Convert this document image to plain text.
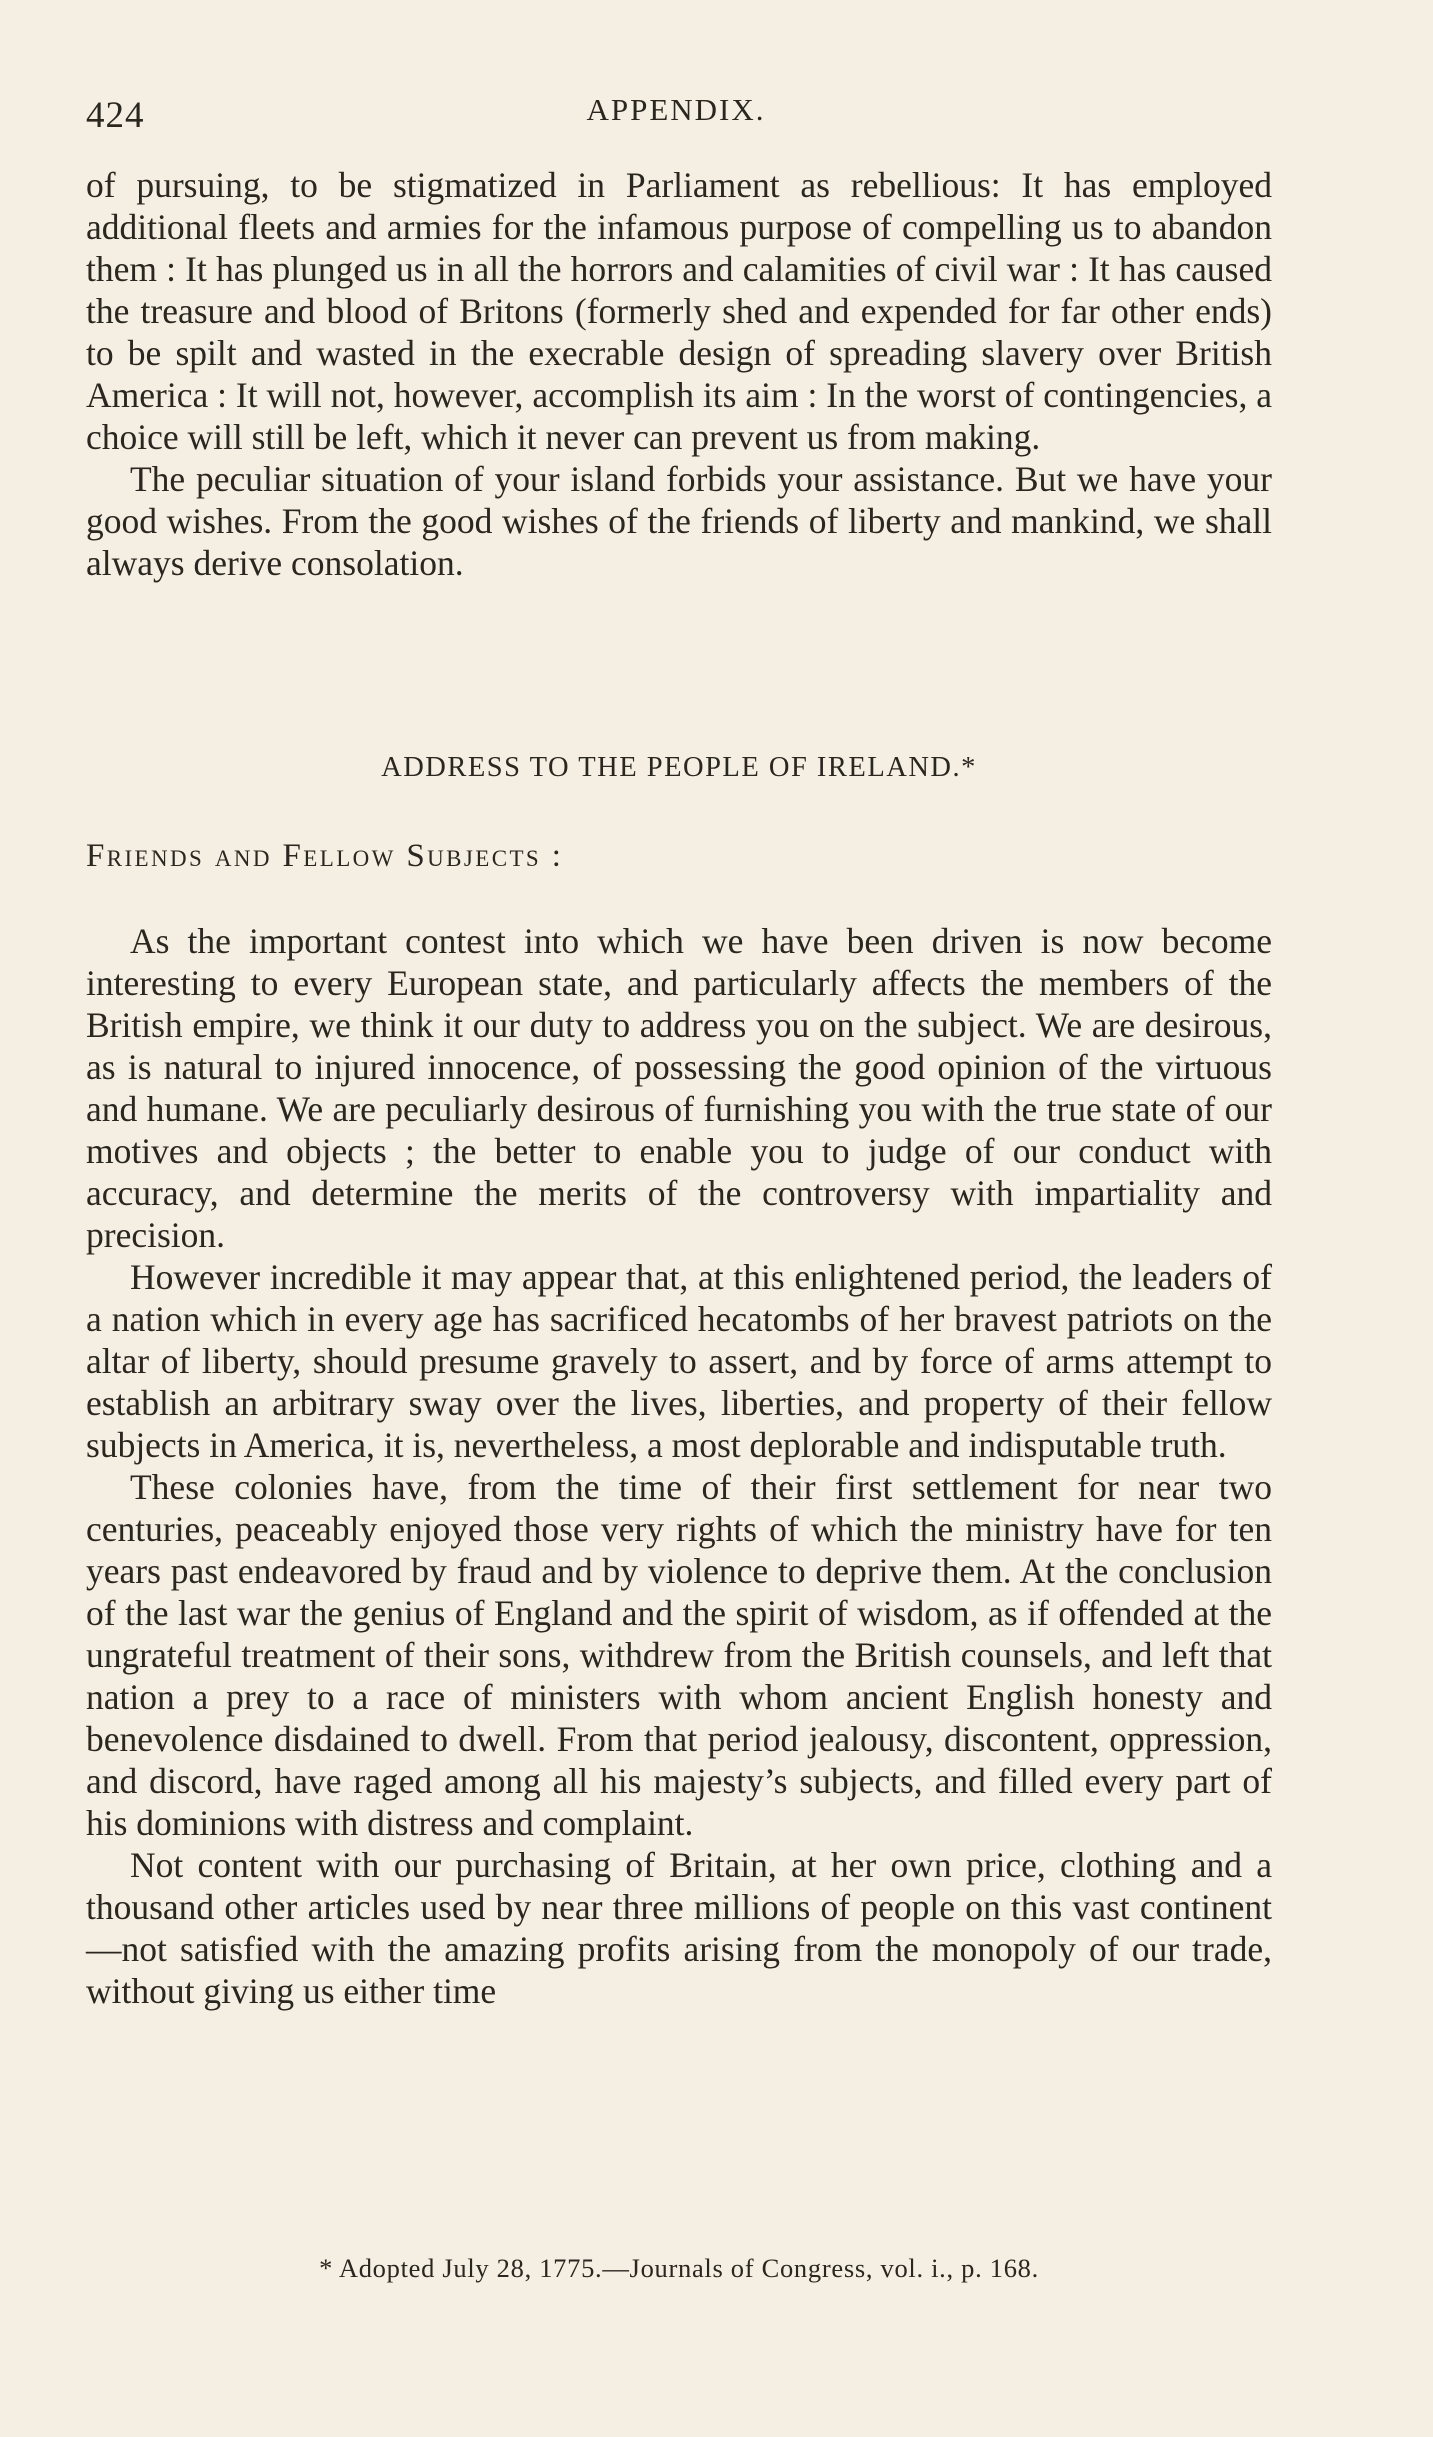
424	APPENDIX.

of pursuing, to be stigmatized in Parliament as rebellious: It has employed additional fleets and armies for the infamous purpose of compelling us to abandon them : It has plunged us in all the horrors and calamities of civil war : It has caused the treasure and blood of Britons (formerly shed and expended for far other ends) to be spilt and wasted in the execrable design of spreading slavery over British America : It will not, however, accomplish its aim : In the worst of contingencies, a choice will still be left, which it never can prevent us from making.

The peculiar situation of your island forbids your assistance. But we have your good wishes. From the good wishes of the friends of liberty and mankind, we shall always derive consolation.

ADDRESS TO THE PEOPLE OF IRELAND.*
Friends and Fellow Subjects :

As the important contest into which we have been driven is now become interesting to every European state, and particularly affects the members of the British empire, we think it our duty to address you on the subject. We are desirous, as is natural to injured innocence, of possessing the good opinion of the virtuous and humane. We are peculiarly desirous of furnishing you with the true state of our motives and objects ; the better to enable you to judge of our conduct with accuracy, and determine the merits of the controversy with impartiality and precision.

However incredible it may appear that, at this enlightened period, the leaders of a nation which in every age has sacrificed hecatombs of her bravest patriots on the altar of liberty, should presume gravely to assert, and by force of arms attempt to establish an arbitrary sway over the lives, liberties, and property of their fellow subjects in America, it is, nevertheless, a most deplorable and indisputable truth.

These colonies have, from the time of their first settlement for near two centuries, peaceably enjoyed those very rights of which the ministry have for ten years past endeavored by fraud and by violence to deprive them. At the conclusion of the last war the genius of England and the spirit of wisdom, as if offended at the ungrateful treatment of their sons, withdrew from the British counsels, and left that nation a prey to a race of ministers with whom ancient English honesty and benevolence disdained to dwell. From that period jealousy, discontent, oppression, and discord, have raged among all his majesty’s subjects, and filled every part of his dominions with distress and complaint.

Not content with our purchasing of Britain, at her own price, clothing and a thousand other articles used by near three millions of people on this vast continent—not satisfied with the amazing profits arising from the monopoly of our trade, without giving us either time

* Adopted July 28, 1775.—Journals of Congress, vol. i., p. 168.
